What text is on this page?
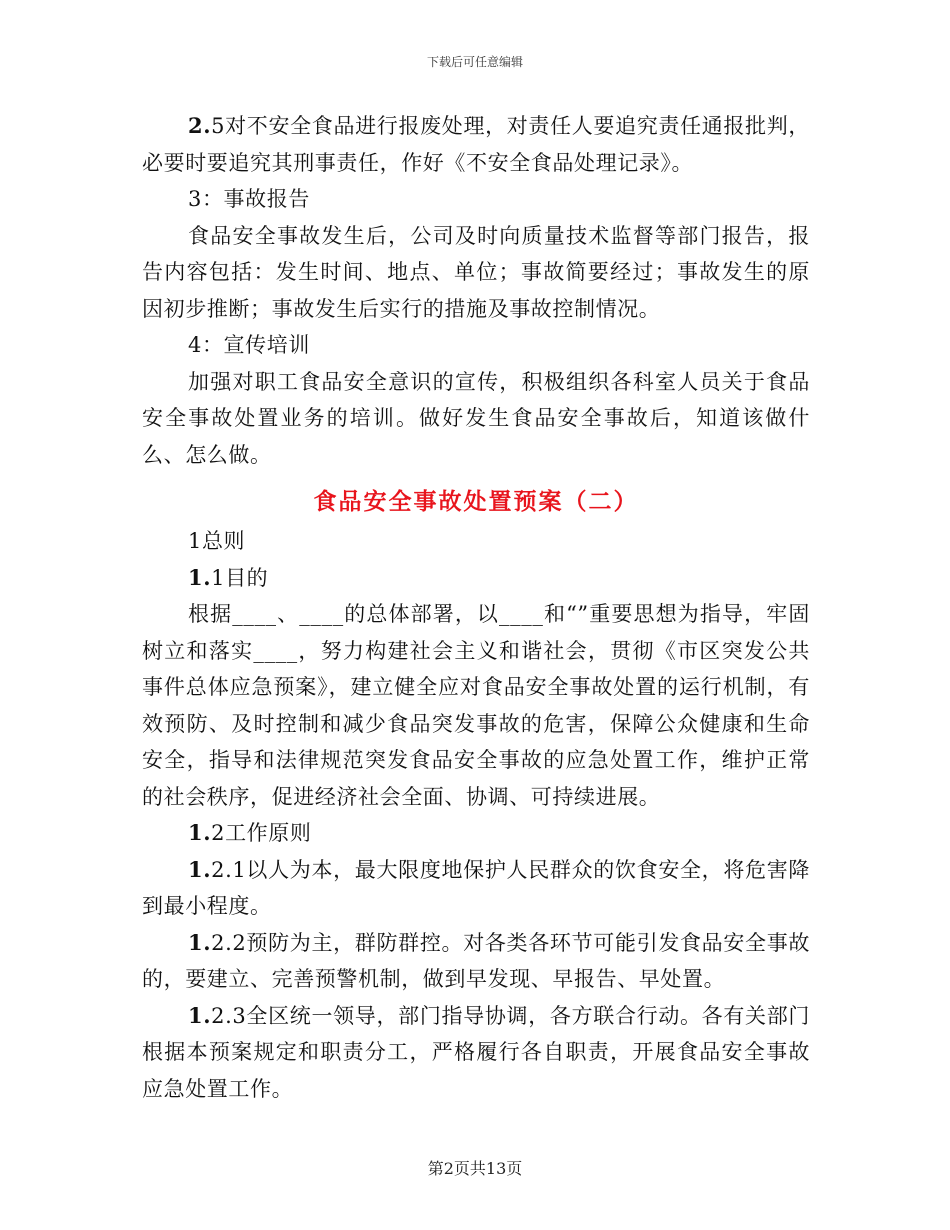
下载后可任意编辑

2.5对不安全食品进行报废处理，对责任人要追究责任通报批判，必要时要追究其刑事责任，作好《不安全食品处理记录》。

3：事故报告

食品安全事故发生后，公司及时向质量技术监督等部门报告，报告内容包括：发生时间、地点、单位；事故简要经过；事故发生的原因初步推断；事故发生后实行的措施及事故控制情况。

4：宣传培训

加强对职工食品安全意识的宣传，积极组织各科室人员关于食品安全事故处置业务的培训。做好发生食品安全事故后，知道该做什么、怎么做。

食品安全事故处置预案（二）

1总则

1.1目的

根据____、____的总体部署，以____和“”重要思想为指导，牢固树立和落实____，努力构建社会主义和谐社会，贯彻《市区突发公共事件总体应急预案》，建立健全应对食品安全事故处置的运行机制，有效预防、及时控制和减少食品突发事故的危害，保障公众健康和生命安全，指导和法律规范突发食品安全事故的应急处置工作，维护正常的社会秩序，促进经济社会全面、协调、可持续进展。

1.2工作原则

1.2.1以人为本，最大限度地保护人民群众的饮食安全，将危害降到最小程度。

1.2.2预防为主，群防群控。对各类各环节可能引发食品安全事故的，要建立、完善预警机制，做到早发现、早报告、早处置。

1.2.3全区统一领导，部门指导协调，各方联合行动。各有关部门根据本预案规定和职责分工，严格履行各自职责，开展食品安全事故应急处置工作。

第2页共13页
